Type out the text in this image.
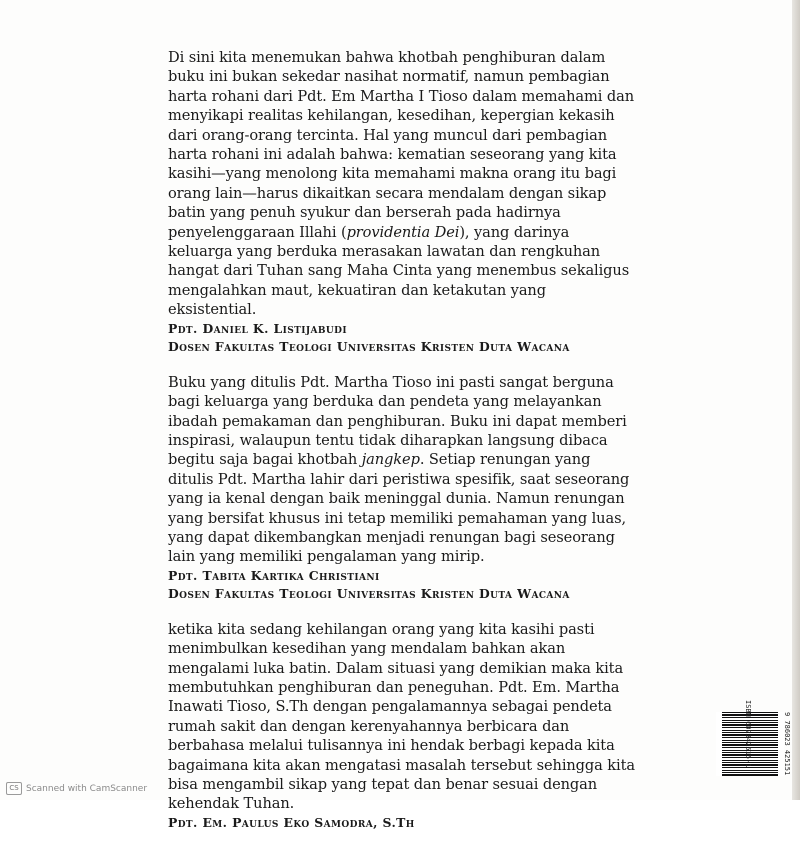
Di sini kita menemukan bahwa khotbah penghiburan dalam buku ini bukan sekedar nasihat normatif, namun pembagian harta rohani dari Pdt. Em Martha I Tioso dalam memahami dan menyikapi realitas kehilangan, kesedihan, kepergian kekasih dari orang-orang tercinta. Hal yang muncul dari pembagian harta rohani ini adalah bahwa: kematian seseorang yang kita kasihi—yang menolong kita memahami makna orang itu bagi orang lain—harus dikaitkan secara mendalam dengan sikap batin yang penuh syukur dan berserah pada hadirnya penyelenggaraan Illahi (providentia Dei), yang darinya keluarga yang berduka merasakan lawatan dan rengkuhan hangat dari Tuhan sang Maha Cinta yang menembus sekaligus mengalahkan maut, kekuatiran dan ketakutan yang eksistential.

Pdt. Daniel K. Listijabudi
Dosen Fakultas Teologi Universitas Kristen Duta Wacana

Buku yang ditulis Pdt. Martha Tioso ini pasti sangat berguna bagi keluarga yang berduka dan pendeta yang melayankan ibadah pemakaman dan penghiburan. Buku ini dapat memberi inspirasi, walaupun tentu tidak diharapkan langsung dibaca begitu saja bagai khotbah jangkep. Setiap renungan yang ditulis Pdt. Martha lahir dari peristiwa spesifik, saat seseorang yang ia kenal dengan baik meninggal dunia. Namun renungan yang bersifat khusus ini tetap memiliki pemahaman yang luas, yang dapat dikembangkan menjadi renungan bagi seseorang lain yang memiliki pengalaman yang mirip.

Pdt. Tabita Kartika Christiani
Dosen Fakultas Teologi Universitas Kristen Duta Wacana

ketika kita sedang kehilangan orang yang kita kasihi pasti menimbulkan kesedihan yang mendalam bahkan akan mengalami luka batin. Dalam situasi yang demikian maka kita membutuhkan penghiburan dan peneguhan. Pdt. Em. Martha Inawati Tioso, S.Th dengan pengalamannya sebagai pendeta rumah sakit dan dengan kerenyahannya berbicara dan berbahasa melalui tulisannya ini hendak berbagi kepada kita bagaimana kita akan mengatasi masalah tersebut sehingga kita bisa mengambil sikap yang tepat dan benar sesuai dengan kehendak Tuhan.

Pdt. Em. Paulus Eko Samodra, S.Th
ISBN 602342515-1	9 786023 425151
CS Scanned with CamScanner
